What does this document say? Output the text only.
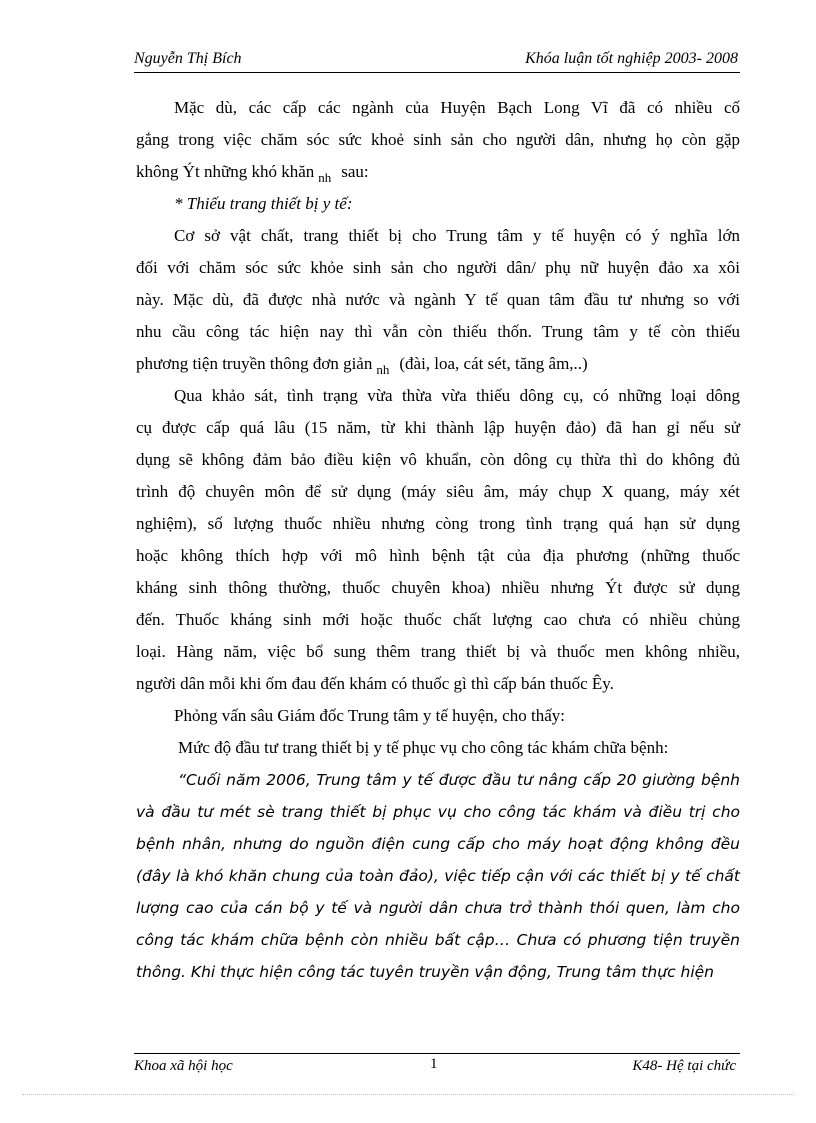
Nguyễn Thị Bích	Khóa luận tốt nghiệp 2003- 2008
Mặc dù, các cấp các ngành của Huyện Bạch Long Vĩ đã có nhiều cố
gắng trong việc chăm sóc sức khoẻ sinh sản cho người dân, nhưng họ còn gặp
không Ýt những khó khăn $_{nh}$ sau:
* Thiếu trang thiết bị y tế:
Cơ sở vật chất, trang thiết bị cho Trung tâm y tế huyện có ý nghĩa lớn
đối với chăm sóc sức khỏe sinh sản cho người dân/ phụ nữ huyện đảo xa xôi
này. Mặc dù, đã được nhà nước và ngành Y tế quan tâm đầu tư nhưng so với
nhu cầu công tác hiện nay thì vẫn còn thiếu thốn. Trung tâm y tế còn thiếu
phương tiện truyền thông đơn giản $_{nh}$ (đài, loa, cát sét, tăng âm,..)
Qua khảo sát, tình trạng vừa thừa vừa thiếu dông cụ, có những loại dông
cụ được cấp quá lâu (15 năm, từ khi thành lập huyện đảo) đã han gỉ nếu sử
dụng sẽ không đảm bảo điều kiện vô khuẩn, còn dông cụ thừa thì do không đủ
trình độ chuyên môn để sử dụng (máy siêu âm, máy chụp X quang, máy xét
nghiệm), số lượng thuốc nhiều nhưng còng trong tình trạng quá hạn sử dụng
hoặc không thích hợp với mô hình bệnh tật của địa phương (những thuốc
kháng sinh thông thường, thuốc chuyên khoa) nhiều nhưng Ýt được sử dụng
đến. Thuốc kháng sinh mới hoặc thuốc chất lượng cao chưa có nhiều chủng
loại. Hàng năm, việc bổ sung thêm trang thiết bị và thuốc men không nhiều,
người dân mỗi khi ốm đau đến khám có thuốc gì thì cấp bán thuốc Êy.
Phỏng vấn sâu Giám đốc Trung tâm y tế huyện, cho thấy:
Mức độ đầu tư trang thiết bị y tế phục vụ cho công tác khám chữa bệnh:
“Cuối năm 2006, Trung tâm y tế được đầu tư nâng cấp 20 giường bệnh
và đầu tư mét sè trang thiết bị phục vụ cho công tác khám và điều trị cho
bệnh nhân, nhưng do nguồn điện cung cấp cho máy hoạt động không đều
(đây là khó khăn chung của toàn đảo), việc tiếp cận với các thiết bị y tế chất
lượng cao của cán bộ y tế và người dân chưa trở thành thói quen, làm cho
công tác khám chữa bệnh còn nhiều bất cập… Chưa có phương tiện truyền
thông. Khi thực hiện công tác tuyên truyền vận động, Trung tâm thực hiện
Khoa xã hội học	1	K48- Hệ tại chức
